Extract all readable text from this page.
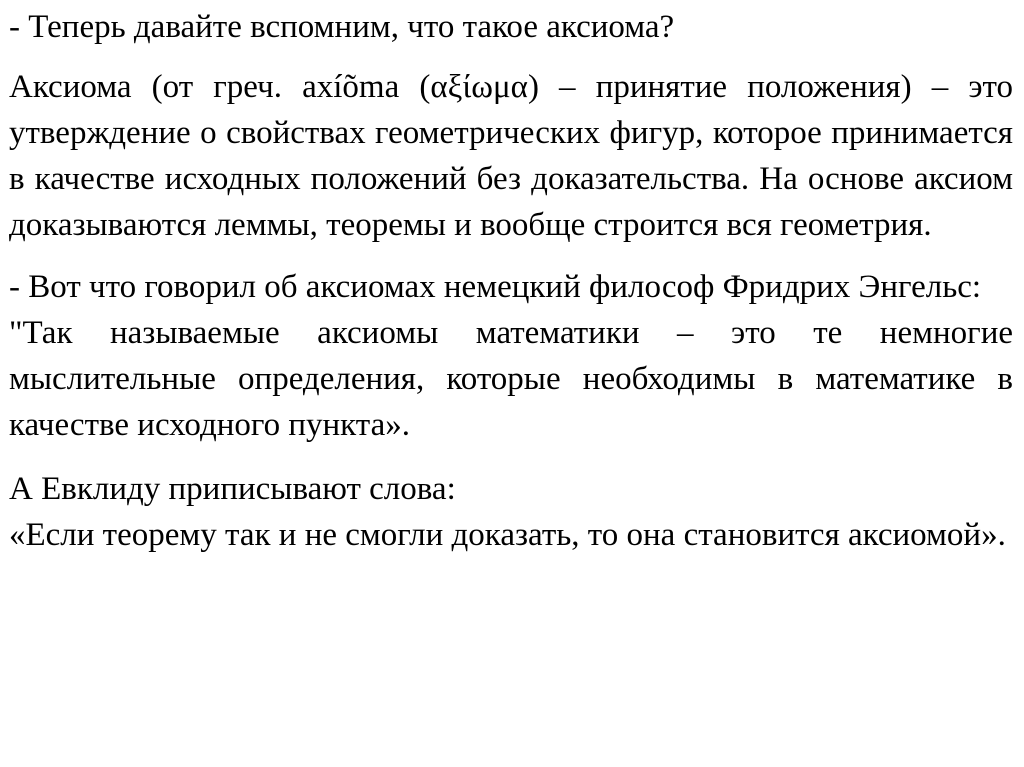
- Теперь давайте вспомним, что такое аксиома?

Аксиома (от греч. axíõma (αξίωμα) – принятие положения) – это утверждение о свойствах геометрических фигур, которое принимается в качестве исходных положений без доказательства. На основе аксиом доказываются леммы, теоремы и вообще строится вся геометрия.

- Вот что говорил об аксиомах немецкий философ Фридрих Энгельс:
"Так называемые аксиомы математики – это те немногие мыслительные определения, которые необходимы в математике в качестве исходного пункта».
А Евклиду приписывают слова:
«Если теорему так и не смогли доказать, то она становится аксиомой».
